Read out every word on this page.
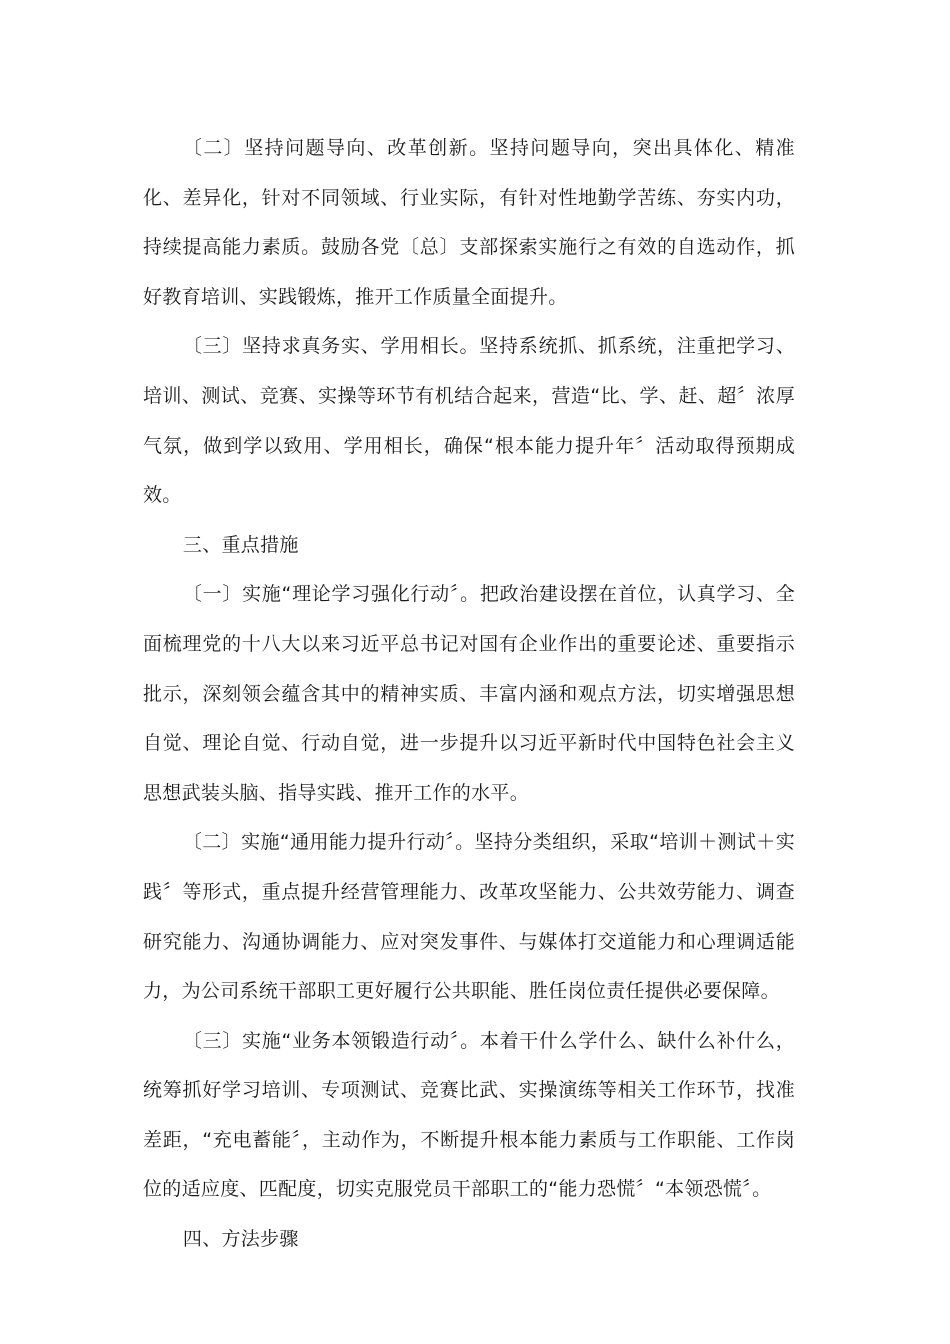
〔二〕坚持问题导向、改革创新。坚持问题导向，突出具体化、精准化、差异化，针对不同领域、行业实际，有针对性地勤学苦练、夯实内功，持续提高能力素质。鼓励各党〔总〕支部探索实施行之有效的自选动作，抓好教育培训、实践锻炼，推开工作质量全面提升。

〔三〕坚持求真务实、学用相长。坚持系统抓、抓系统，注重把学习、培训、测试、竞赛、实操等环节有机结合起来，营造“比、学、赶、超〞浓厚气氛，做到学以致用、学用相长，确保“根本能力提升年〞活动取得预期成效。

三、重点措施

〔一〕实施“理论学习强化行动〞。把政治建设摆在首位，认真学习、全面梳理党的十八大以来习近平总书记对国有企业作出的重要论述、重要指示批示，深刻领会蕴含其中的精神实质、丰富内涵和观点方法，切实增强思想自觉、理论自觉、行动自觉，进一步提升以习近平新时代中国特色社会主义思想武装头脑、指导实践、推开工作的水平。

〔二〕实施“通用能力提升行动〞。坚持分类组织，采取“培训＋测试＋实践〞等形式，重点提升经营管理能力、改革攻坚能力、公共效劳能力、调查研究能力、沟通协调能力、应对突发事件、与媒体打交道能力和心理调适能力，为公司系统干部职工更好履行公共职能、胜任岗位责任提供必要保障。

〔三〕实施“业务本领锻造行动〞。本着干什么学什么、缺什么补什么，统筹抓好学习培训、专项测试、竞赛比武、实操演练等相关工作环节，找准差距，“充电蓄能〞，主动作为，不断提升根本能力素质与工作职能、工作岗位的适应度、匹配度，切实克服党员干部职工的“能力恐慌〞“本领恐慌〞。

四、方法步骤
